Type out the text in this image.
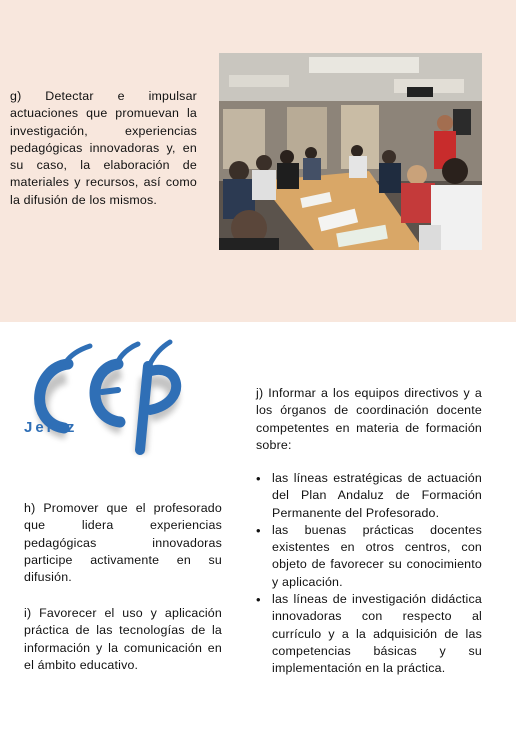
g) Detectar e impulsar actuaciones que promuevan la investigación, experiencias pedagógicas innovadoras y, en su caso, la elaboración de materiales y recursos, así como la difusión de los mismos.

Jerez

j) Informar a los equipos directivos y a los órganos de coordinación docente competentes en materia de formación sobre:

• las líneas estratégicas de actuación del Plan Andaluz de Formación Permanente del Profesorado.
• las buenas prácticas docentes existentes en otros centros, con objeto de favorecer su conocimiento y aplicación.
• las líneas de investigación didáctica innovadoras con respecto al currículo y a la adquisición de las competencias básicas y su implementación en la práctica.

h) Promover que el profesorado que lidera experiencias pedagógicas innovadoras participe activamente en su difusión.

i) Favorecer el uso y aplicación práctica de las tecnologías de la información y la comunicación en el ámbito educativo.
